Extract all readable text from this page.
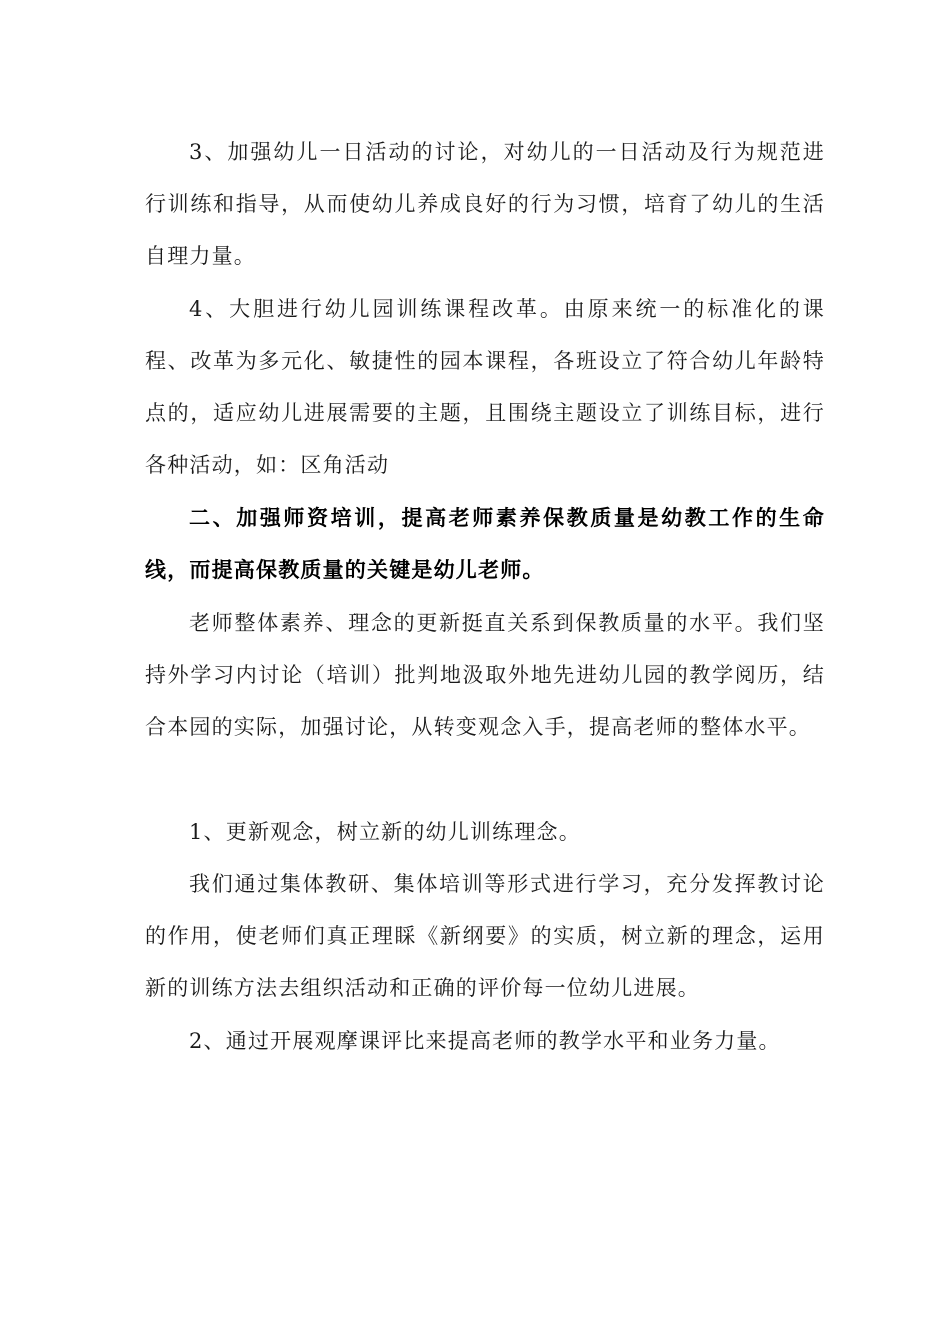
3、加强幼儿一日活动的讨论，对幼儿的一日活动及行为规范进行训练和指导，从而使幼儿养成良好的行为习惯，培育了幼儿的生活自理力量。

4、大胆进行幼儿园训练课程改革。由原来统一的标准化的课程、改革为多元化、敏捷性的园本课程，各班设立了符合幼儿年龄特点的，适应幼儿进展需要的主题，且围绕主题设立了训练目标，进行各种活动，如：区角活动

二、加强师资培训，提高老师素养保教质量是幼教工作的生命线，而提高保教质量的关键是幼儿老师。

老师整体素养、理念的更新挺直关系到保教质量的水平。我们坚持外学习内讨论（培训）批判地汲取外地先进幼儿园的教学阅历，结合本园的实际，加强讨论，从转变观念入手，提高老师的整体水平。

1、更新观念，树立新的幼儿训练理念。

我们通过集体教研、集体培训等形式进行学习，充分发挥教讨论的作用，使老师们真正理睬《新纲要》的实质，树立新的理念，运用新的训练方法去组织活动和正确的评价每一位幼儿进展。

2、通过开展观摩课评比来提高老师的教学水平和业务力量。
